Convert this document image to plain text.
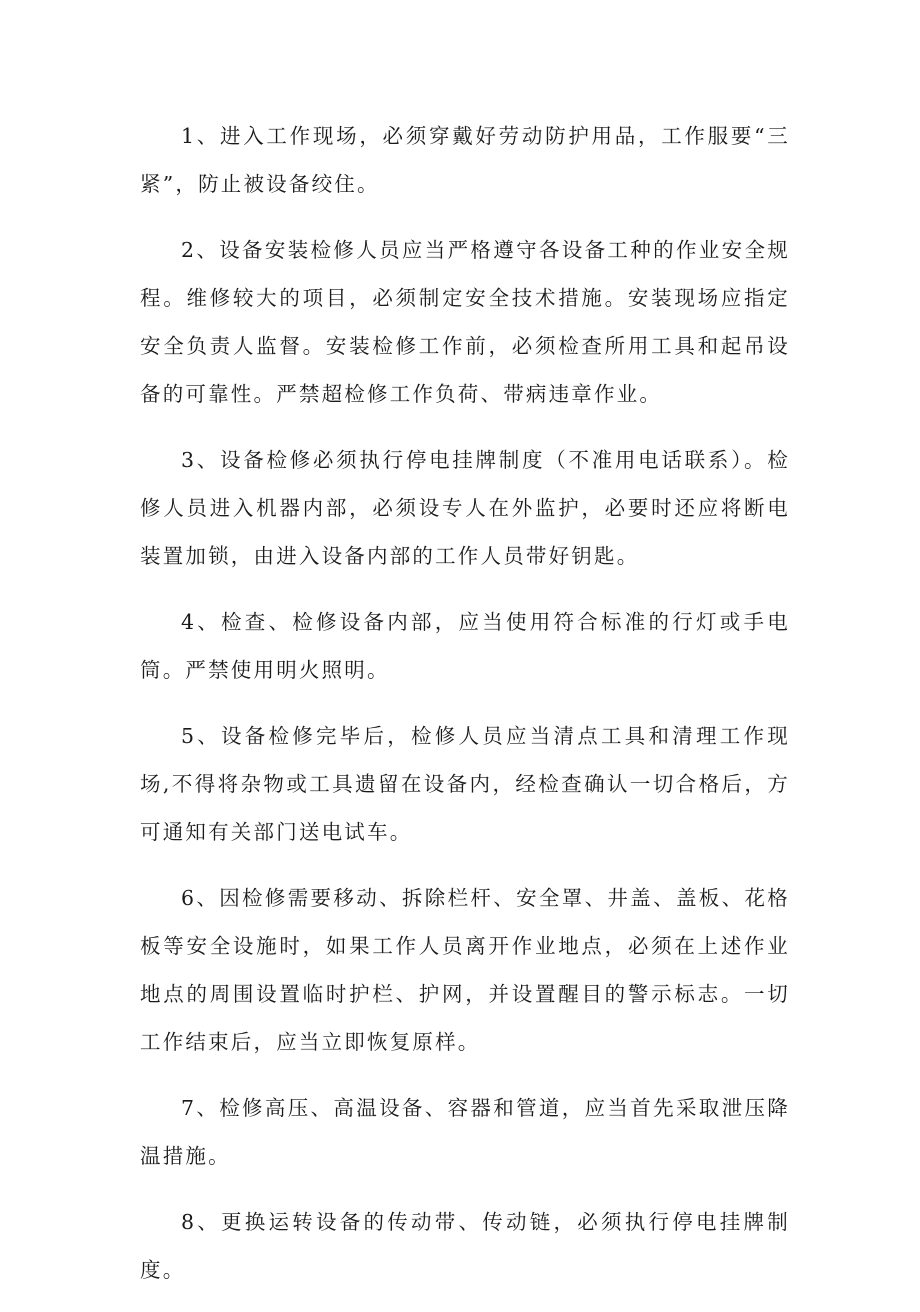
1、进入工作现场，必须穿戴好劳动防护用品，工作服要“三紧”，防止被设备绞住。

2、设备安装检修人员应当严格遵守各设备工种的作业安全规程。维修较大的项目，必须制定安全技术措施。安装现场应指定安全负责人监督。安装检修工作前，必须检查所用工具和起吊设备的可靠性。严禁超检修工作负荷、带病违章作业。

3、设备检修必须执行停电挂牌制度（不准用电话联系）。检修人员进入机器内部，必须设专人在外监护，必要时还应将断电装置加锁，由进入设备内部的工作人员带好钥匙。

4、检查、检修设备内部，应当使用符合标准的行灯或手电筒。严禁使用明火照明。

5、设备检修完毕后，检修人员应当清点工具和清理工作现场,不得将杂物或工具遗留在设备内，经检查确认一切合格后，方可通知有关部门送电试车。

6、因检修需要移动、拆除栏杆、安全罩、井盖、盖板、花格板等安全设施时，如果工作人员离开作业地点，必须在上述作业地点的周围设置临时护栏、护网，并设置醒目的警示标志。一切工作结束后，应当立即恢复原样。

7、检修高压、高温设备、容器和管道，应当首先采取泄压降温措施。

8、更换运转设备的传动带、传动链，必须执行停电挂牌制度。
